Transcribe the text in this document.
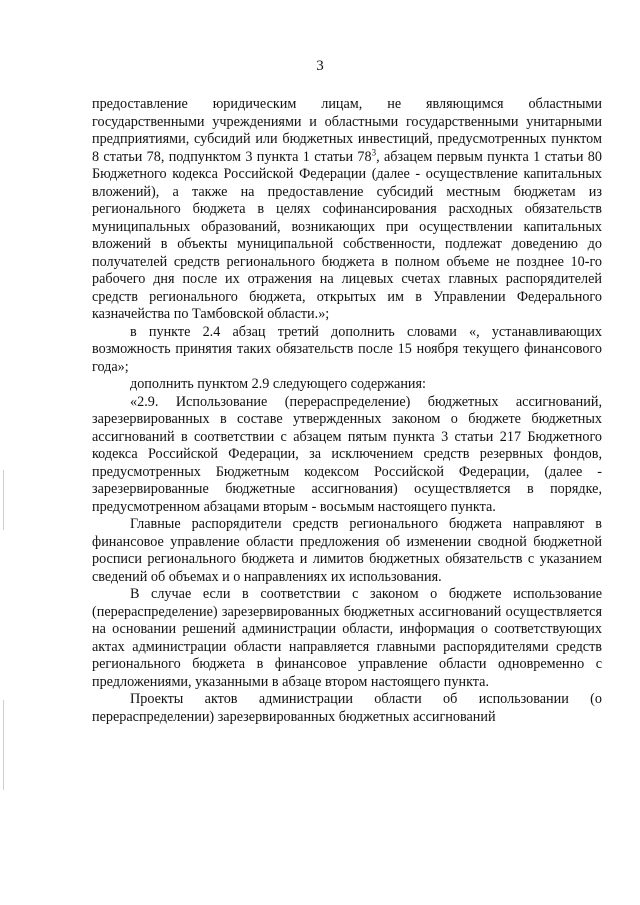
3

предоставление юридическим лицам, не являющимся областными государственными учреждениями и областными государственными унитарными предприятиями, субсидий или бюджетных инвестиций, предусмотренных пунктом 8 статьи 78, подпунктом 3 пункта 1 статьи $78^3$, абзацем первым пункта 1 статьи 80 Бюджетного кодекса Российской Федерации (далее - осуществление капитальных вложений), а также на предоставление субсидий местным бюджетам из регионального бюджета в целях софинансирования расходных обязательств муниципальных образований, возникающих при осуществлении капитальных вложений в объекты муниципальной собственности, подлежат доведению до получателей средств регионального бюджета в полном объеме не позднее 10-го рабочего дня после их отражения на лицевых счетах главных распорядителей средств регионального бюджета, открытых им в Управлении Федерального казначейства по Тамбовской области.»;

в пункте 2.4 абзац третий дополнить словами «, устанавливающих возможность принятия таких обязательств после 15 ноября текущего финансового года»;

дополнить пунктом 2.9 следующего содержания:

«2.9. Использование (перераспределение) бюджетных ассигнований, зарезервированных в составе утвержденных законом о бюджете бюджетных ассигнований в соответствии с абзацем пятым пункта 3 статьи 217 Бюджетного кодекса Российской Федерации, за исключением средств резервных фондов, предусмотренных Бюджетным кодексом Российской Федерации, (далее - зарезервированные бюджетные ассигнования) осуществляется в порядке, предусмотренном абзацами вторым - восьмым настоящего пункта.

Главные распорядители средств регионального бюджета направляют в финансовое управление области предложения об изменении сводной бюджетной росписи регионального бюджета и лимитов бюджетных обязательств с указанием сведений об объемах и о направлениях их использования.

В случае если в соответствии с законом о бюджете использование (перераспределение) зарезервированных бюджетных ассигнований осуществляется на основании решений администрации области, информация о соответствующих актах администрации области направляется главными распорядителями средств регионального бюджета в финансовое управление области одновременно с предложениями, указанными в абзаце втором настоящего пункта.

Проекты актов администрации области об использовании (о перераспределении) зарезервированных бюджетных ассигнований
